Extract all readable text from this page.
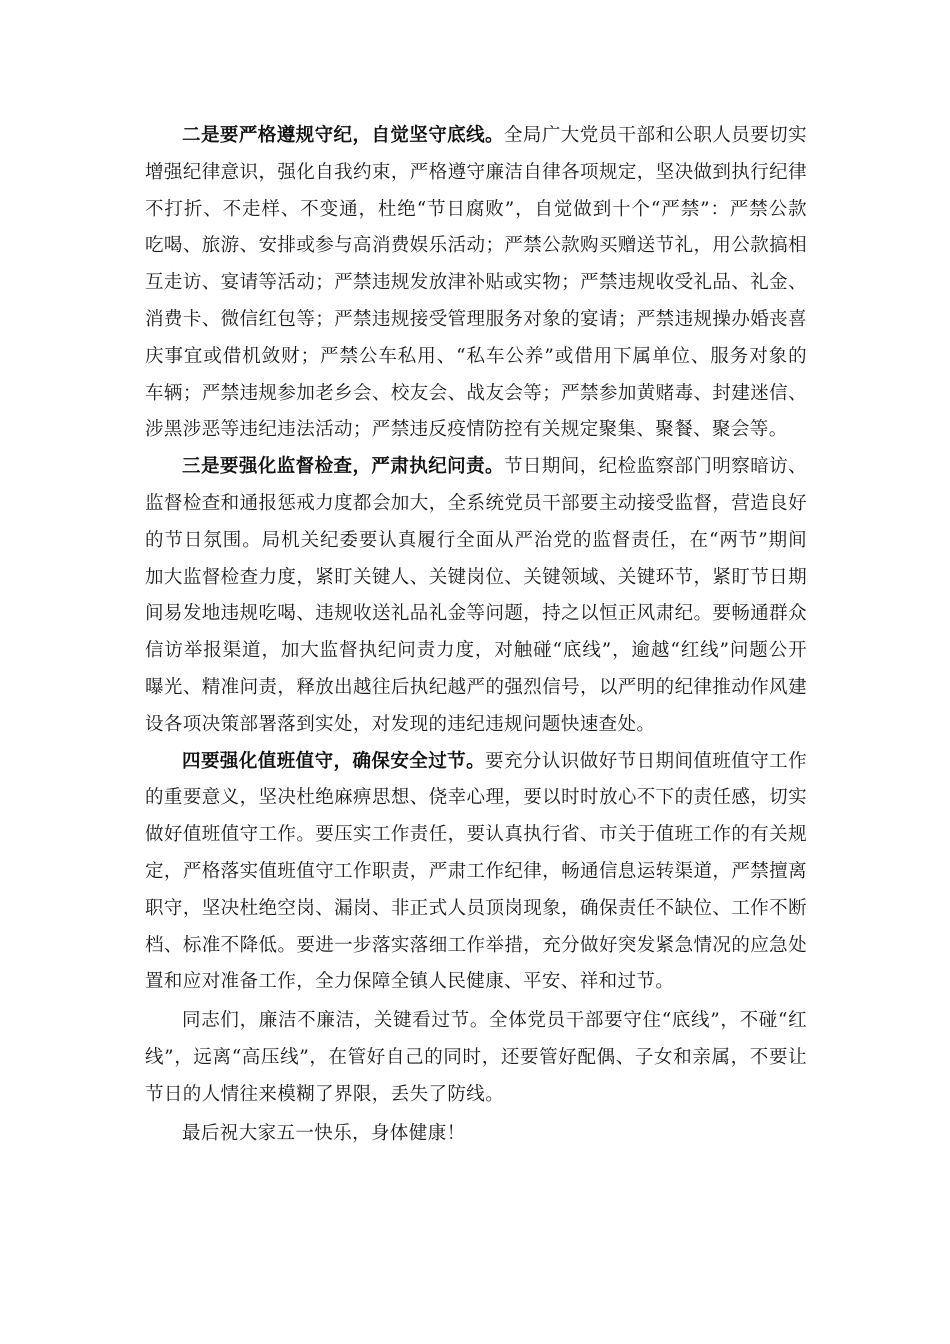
二是要严格遵规守纪，自觉坚守底线。全局广大党员干部和公职人员要切实增强纪律意识，强化自我约束，严格遵守廉洁自律各项规定，坚决做到执行纪律不打折、不走样、不变通，杜绝“节日腐败”，自觉做到十个“严禁”：严禁公款吃喝、旅游、安排或参与高消费娱乐活动；严禁公款购买赠送节礼，用公款搞相互走访、宴请等活动；严禁违规发放津补贴或实物；严禁违规收受礼品、礼金、消费卡、微信红包等；严禁违规接受管理服务对象的宴请；严禁违规操办婚丧喜庆事宜或借机敛财；严禁公车私用、“私车公养”或借用下属单位、服务对象的车辆；严禁违规参加老乡会、校友会、战友会等；严禁参加黄赌毒、封建迷信、涉黑涉恶等违纪违法活动；严禁违反疫情防控有关规定聚集、聚餐、聚会等。

三是要强化监督检查，严肃执纪问责。节日期间，纪检监察部门明察暗访、监督检查和通报惩戒力度都会加大，全系统党员干部要主动接受监督，营造良好的节日氛围。局机关纪委要认真履行全面从严治党的监督责任，在“两节”期间加大监督检查力度，紧盯关键人、关键岗位、关键领域、关键环节，紧盯节日期间易发地违规吃喝、违规收送礼品礼金等问题，持之以恒正风肃纪。要畅通群众信访举报渠道，加大监督执纪问责力度，对触碰“底线”，逾越“红线”问题公开曝光、精准问责，释放出越往后执纪越严的强烈信号，以严明的纪律推动作风建设各项决策部署落到实处，对发现的违纪违规问题快速查处。

四要强化值班值守，确保安全过节。要充分认识做好节日期间值班值守工作的重要意义，坚决杜绝麻痹思想、侥幸心理，要以时时放心不下的责任感，切实做好值班值守工作。要压实工作责任，要认真执行省、市关于值班工作的有关规定，严格落实值班值守工作职责，严肃工作纪律，畅通信息运转渠道，严禁擅离职守，坚决杜绝空岗、漏岗、非正式人员顶岗现象，确保责任不缺位、工作不断档、标准不降低。要进一步落实落细工作举措，充分做好突发紧急情况的应急处置和应对准备工作，全力保障全镇人民健康、平安、祥和过节。

同志们，廉洁不廉洁，关键看过节。全体党员干部要守住“底线”，不碰“红线”，远离“高压线”，在管好自己的同时，还要管好配偶、子女和亲属，不要让节日的人情往来模糊了界限，丢失了防线。

最后祝大家五一快乐，身体健康！
